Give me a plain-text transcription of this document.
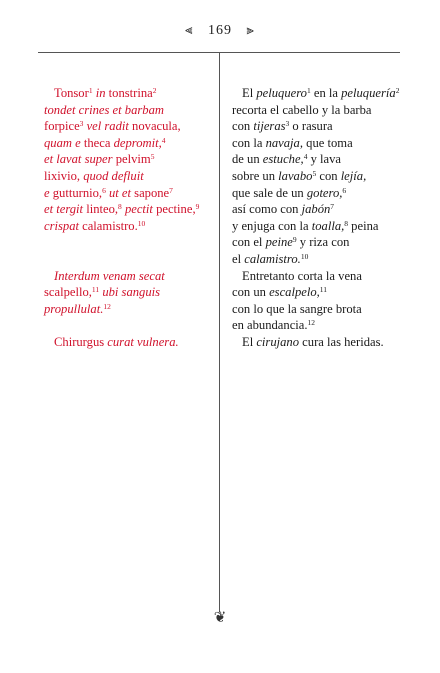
⫷ 169 ⫸
Tonsor$^1$ in tonstrina$^2$
tondet crines et barbam
forpice$^3$ vel radit novacula,
quam e theca depromit,$^4$
et lavat super pelvim$^5$
lixivio, quod defluit
e gutturnio,$^6$ ut et sapone$^7$
et tergit linteo,$^8$ pectit pectine,$^9$
crispat calamistro.$^{10}$
Interdum venam secat
scalpello,$^{11}$ ubi sanguis
propullulat.$^{12}$
Chirurgus curat vulnera.
El peluquero$^1$ en la peluquería$^2$
recorta el cabello y la barba
con tijeras$^3$ o rasura
con la navaja, que toma
de un estuche,$^4$ y lava
sobre un lavabo$^5$ con lejía,
que sale de un gotero,$^6$
así como con jabón$^7$
y enjuga con la toalla,$^8$ peina
con el peine$^9$ y riza con
el calamistro.$^{10}$
Entretanto corta la vena
con un escalpelo,$^{11}$
con lo que la sangre brota
en abundancia.$^{12}$
El cirujano cura las heridas.
❦
